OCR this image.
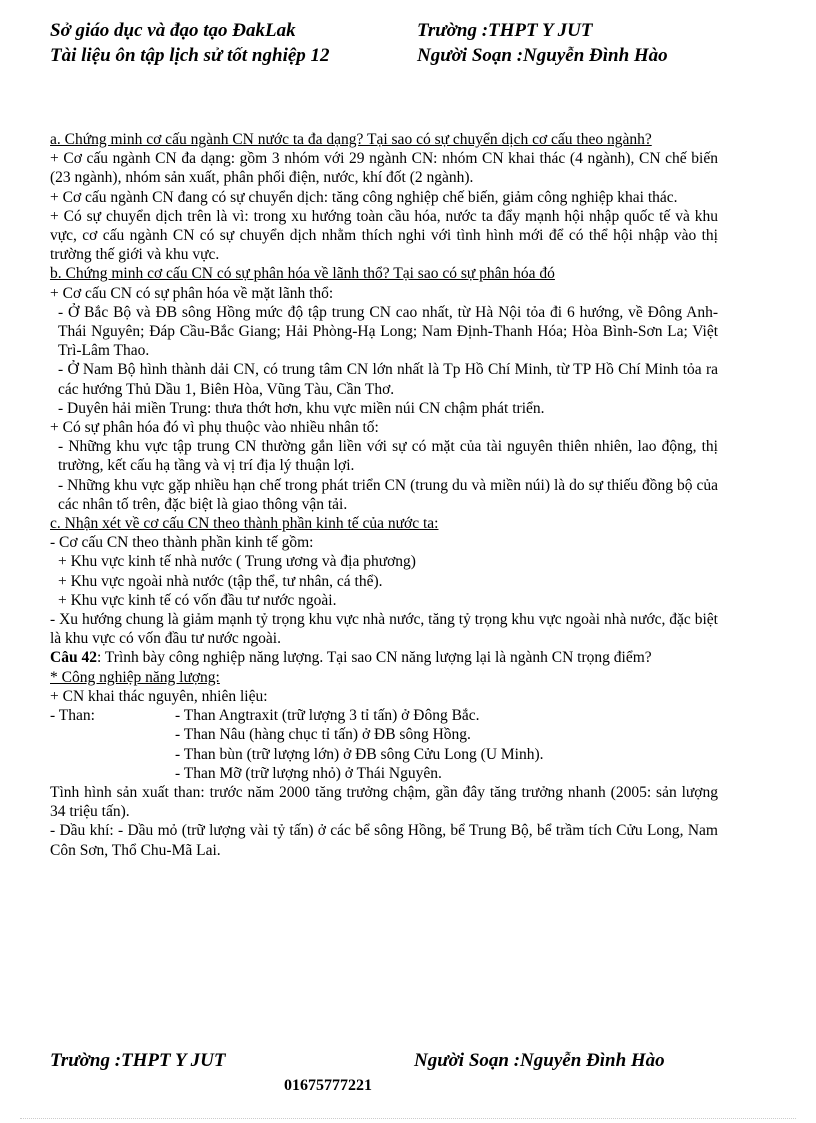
Sở giáo dục và đạo tạo ĐakLak
Tài liệu ôn tập lịch sử tốt nghiệp 12
Trường :THPT Y JUT
Người Soạn :Nguyễn Đình Hào

a. Chứng minh cơ cấu ngành CN nước ta đa dạng? Tại sao có sự chuyển dịch cơ cấu theo ngành?

+ Cơ cấu ngành CN đa dạng: gồm 3 nhóm với 29 ngành CN: nhóm CN khai thác (4 ngành), CN chế biến (23 ngành), nhóm sản xuất, phân phối điện, nước, khí đốt (2 ngành).

+ Cơ cấu ngành CN đang có sự chuyển dịch: tăng công nghiệp chế biến, giảm công nghiệp khai thác.

+ Có sự chuyển dịch trên là vì: trong xu hướng toàn cầu hóa, nước ta đẩy mạnh hội nhập quốc tế và khu vực, cơ cấu ngành CN có sự chuyển dịch nhằm thích nghi với tình hình mới để có thể hội nhập vào thị trường thế giới và khu vực.

b. Chứng minh cơ cấu CN có sự phân hóa về lãnh thổ? Tại sao có sự phân hóa đó

+ Cơ cấu CN có sự phân hóa về mặt lãnh thổ:

- Ở Bắc Bộ và ĐB sông Hồng mức độ tập trung CN cao nhất, từ Hà Nội tỏa đi 6 hướng, về Đông Anh-Thái Nguyên; Đáp Cầu-Bắc Giang; Hải Phòng-Hạ Long; Nam Định-Thanh Hóa; Hòa Bình-Sơn La; Việt Trì-Lâm Thao.

- Ở Nam Bộ hình thành dải CN, có trung tâm CN lớn nhất là Tp Hồ Chí Minh, từ TP Hồ Chí Minh tỏa ra các hướng Thủ Dầu 1, Biên Hòa, Vũng Tàu, Cần Thơ.

- Duyên hải miền Trung: thưa thớt hơn, khu vực miền núi CN chậm phát triển.

+ Có sự phân hóa đó vì phụ thuộc vào nhiều nhân tố:

- Những khu vực tập trung CN thường gắn liền với sự có mặt của tài nguyên thiên nhiên, lao động, thị trường, kết cấu hạ tầng và vị trí địa lý thuận lợi.

- Những khu vực gặp nhiều hạn chế trong phát triển CN (trung du và miền núi) là do sự thiếu đồng bộ của các nhân tố trên, đặc biệt là giao thông vận tải.

c. Nhận xét về cơ cấu CN theo thành phần kinh tế của nước ta:

- Cơ cấu CN theo thành phần kinh tế gồm:

+ Khu vực kinh tế nhà nước ( Trung ương và địa phương)

+ Khu vực ngoài nhà nước (tập thể, tư nhân, cá thể).

+ Khu vực kinh tế có vốn đầu tư nước ngoài.

- Xu hướng chung là giảm mạnh tỷ trọng khu vực nhà nước, tăng tỷ trọng khu vực ngoài nhà nước, đặc biệt là khu vực có vốn đầu tư nước ngoài.

Câu 42: Trình bày công nghiệp năng lượng. Tại sao CN năng lượng lại là ngành CN trọng điểm?

* Công nghiệp năng lượng:

+ CN khai thác nguyên, nhiên liệu:

- Than:	- Than Angtraxit (trữ lượng 3 tỉ tấn) ở Đông Bắc.

- Than Nâu (hàng chục tỉ tấn) ở ĐB sông Hồng.

- Than bùn (trữ lượng lớn) ở ĐB sông Cửu Long (U Minh).

- Than Mỡ (trữ lượng nhỏ) ở Thái Nguyên.

Tình hình sản xuất than: trước năm 2000 tăng trưởng chậm, gần đây tăng trưởng nhanh (2005: sản lượng 34 triệu tấn).

- Dầu khí: - Dầu mỏ (trữ lượng vài tỷ tấn) ở các bể sông Hồng, bể Trung Bộ, bể trầm tích Cửu Long, Nam Côn Sơn, Thổ Chu-Mã Lai.

Trường :THPT Y JUT	Người Soạn :Nguyễn Đình Hào
01675777221
